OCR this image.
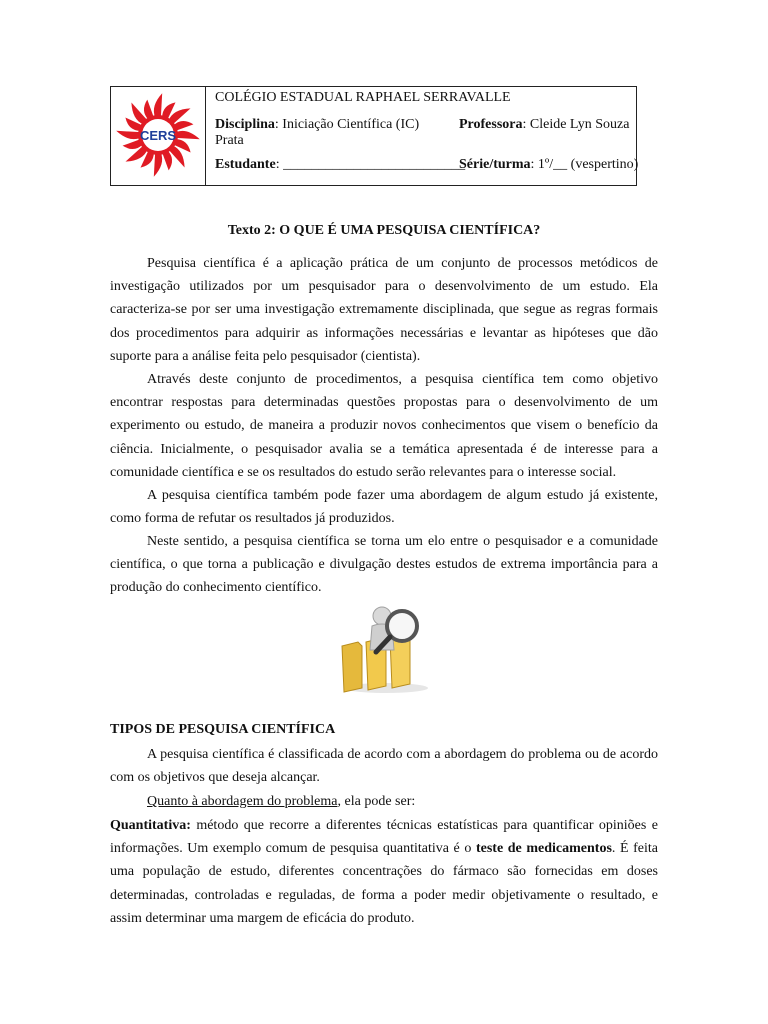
CERS
COLÉGIO ESTADUAL RAPHAEL SERRAVALLE
Disciplina: Iniciação Científica (IC)	Professora: Cleide Lyn Souza
Prata
Estudante: __________________________
Série/turma: 1º/__ (vespertino)
Texto 2: O QUE É UMA PESQUISA CIENTÍFICA?

Pesquisa científica é a aplicação prática de um conjunto de processos metódicos de investigação utilizados por um pesquisador para o desenvolvimento de um estudo. Ela caracteriza-se por ser uma investigação extremamente disciplinada, que segue as regras formais dos procedimentos para adquirir as informações necessárias e levantar as hipóteses que dão suporte para a análise feita pelo pesquisador (cientista).

Através deste conjunto de procedimentos, a pesquisa científica tem como objetivo encontrar respostas para determinadas questões propostas para o desenvolvimento de um experimento ou estudo, de maneira a produzir novos conhecimentos que visem o benefício da ciência. Inicialmente, o pesquisador avalia se a temática apresentada é de interesse para a comunidade científica e se os resultados do estudo serão relevantes para o interesse social.

A pesquisa científica também pode fazer uma abordagem de algum estudo já existente, como forma de refutar os resultados já produzidos.

Neste sentido, a pesquisa científica se torna um elo entre o pesquisador e a comunidade científica, o que torna a publicação e divulgação destes estudos de extrema importância para a produção do conhecimento científico.

TIPOS DE PESQUISA CIENTÍFICA

A pesquisa científica é classificada de acordo com a abordagem do problema ou de acordo com os objetivos que deseja alcançar.

Quanto à abordagem do problema, ela pode ser:

Quantitativa: método que recorre a diferentes técnicas estatísticas para quantificar opiniões e informações. Um exemplo comum de pesquisa quantitativa é o teste de medicamentos. É feita uma população de estudo, diferentes concentrações do fármaco são fornecidas em doses determinadas, controladas e reguladas, de forma a poder medir objetivamente o resultado, e assim determinar uma margem de eficácia do produto.
